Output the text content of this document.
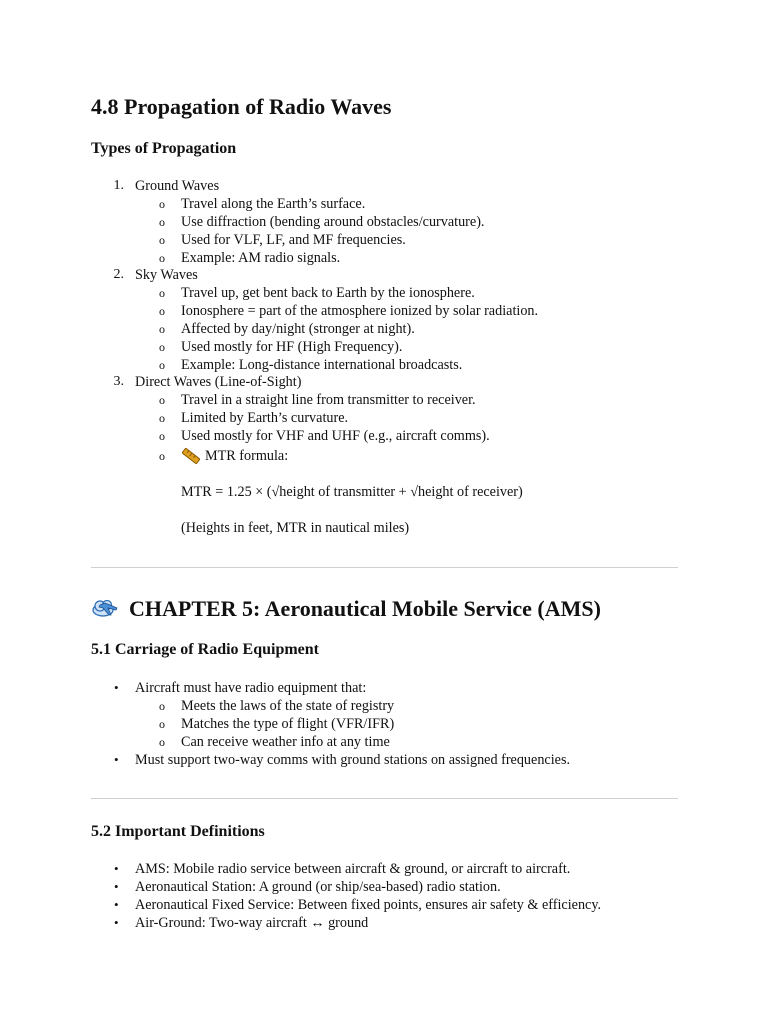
4.8 Propagation of Radio Waves
Types of Propagation
1. Ground Waves
o Travel along the Earth’s surface.
o Use diffraction (bending around obstacles/curvature).
o Used for VLF, LF, and MF frequencies.
o Example: AM radio signals.
2. Sky Waves
o Travel up, get bent back to Earth by the ionosphere.
o Ionosphere = part of the atmosphere ionized by solar radiation.
o Affected by day/night (stronger at night).
o Used mostly for HF (High Frequency).
o Example: Long-distance international broadcasts.
3. Direct Waves (Line-of-Sight)
o Travel in a straight line from transmitter to receiver.
o Limited by Earth’s curvature.
o Used mostly for VHF and UHF (e.g., aircraft comms).
o	MTR formula:
MTR = 1.25 × (√height of transmitter + √height of receiver)
(Heights in feet, MTR in nautical miles)
CHAPTER 5: Aeronautical Mobile Service (AMS)
5.1 Carriage of Radio Equipment
• Aircraft must have radio equipment that:
o Meets the laws of the state of registry
o Matches the type of flight (VFR/IFR)
o Can receive weather info at any time
• Must support two-way comms with ground stations on assigned frequencies.
5.2 Important Definitions
• AMS: Mobile radio service between aircraft & ground, or aircraft to aircraft.
• Aeronautical Station: A ground (or ship/sea-based) radio station.
• Aeronautical Fixed Service: Between fixed points, ensures air safety & efficiency.
• Air-Ground: Two-way aircraft ↔ ground
